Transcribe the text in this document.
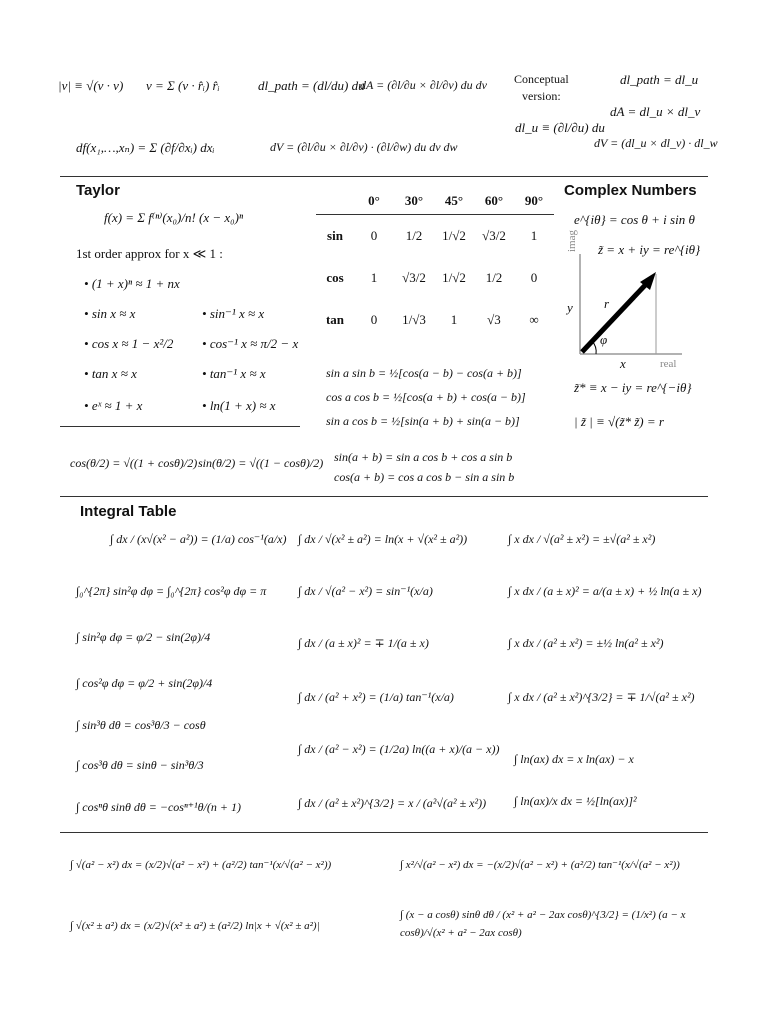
|v| ≡ √(v · v) v = Σ (v · r̂ᵢ) r̂ᵢ	dl_path = (dl/du) du
dA = (∂l/∂u × ∂l/∂v) du dv Conceptual
version:
dl_u ≡ (∂l/∂u) du
dl_path = dl_u
dA = dl_u × dl_v
df(x₁,…,xₙ) = Σ (∂f/∂xᵢ) dxᵢ	dV = (∂l/∂u × ∂l/∂v) · (∂l/∂w) du dv dw	dV = (dl_u × dl_v) · dl_w
Taylor
f(x) = Σ f⁽ⁿ⁾(x₀)/n! (x − x₀)ⁿ
1st order approx for x ≪ 1 :
• (1 + x)ⁿ ≈ 1 + nx
• sin x ≈ x	• sin⁻¹ x ≈ x
• cos x ≈ 1 − x²/2 • cos⁻¹ x ≈ π/2 − x
• tan x ≈ x	• tan⁻¹ x ≈ x
• eˣ ≈ 1 + x	• ln(1 + x) ≈ x
cos(θ/2) = √((1 + cosθ)/2) sin(θ/2) = √((1 − cosθ)/2)
	0°	30°	45°	60°	90°
sin	0	1/2	1/√2	√3/2	1
cos	1	√3/2	1/√2	1/2	0
tan	0	1/√3	1	√3	∞
sin a sin b = ½[cos(a − b) − cos(a + b)]
cos a cos b = ½[cos(a + b) + cos(a − b)]
sin a cos b = ½[sin(a + b) + sin(a − b)]
sin(a + b) = sin a cos b + cos a sin b
cos(a + b) = cos a cos b − sin a sin b
Complex Numbers
e^{iθ} = cos θ + i sin θ
z̃ = x + iy = re^{iθ}
imag
real
y r
x
φ
z̃* ≡ x − iy = re^{−iθ}
| z̃ | ≡ √(z̃* z̃) = r
Integral Table
∫ dx / (x√(x² − a²)) = (1/a) cos⁻¹(a/x)
∫₀^{2π} sin²φ dφ = ∫₀^{2π} cos²φ dφ = π
∫ sin²φ dφ = φ/2 − sin(2φ)/4
∫ cos²φ dφ = φ/2 + sin(2φ)/4
∫ sin³θ dθ = cos³θ/3 − cosθ
∫ cos³θ dθ = sinθ − sin³θ/3
∫ cosⁿθ sinθ dθ = −cosⁿ⁺¹θ/(n + 1)
∫ dx / √(x² ± a²) = ln(x + √(x² ± a²))
∫ dx / √(a² − x²) = sin⁻¹(x/a)
∫ dx / (a ± x)² = ∓ 1/(a ± x)
∫ dx / (a² + x²) = (1/a) tan⁻¹(x/a)
∫ dx / (a² − x²) = (1/2a) ln((a + x)/(a − x))
∫ dx / (a² ± x²)^{3/2} = x / (a²√(a² ± x²))
∫ x dx / √(a² ± x²) = ±√(a² ± x²)
∫ x dx / (a ± x)² = a/(a ± x) + ½ ln(a ± x)
∫ x dx / (a² ± x²) = ±½ ln(a² ± x²)
∫ x dx / (a² ± x²)^{3/2} = ∓ 1/√(a² ± x²)
∫ ln(ax) dx = x ln(ax) − x
∫ ln(ax)/x dx = ½[ln(ax)]²
∫ √(a² − x²) dx = (x/2)√(a² − x²) + (a²/2) tan⁻¹(x/√(a² − x²))	∫ x²/√(a² − x²) dx = −(x/2)√(a² − x²) + (a²/2) tan⁻¹(x/√(a² − x²))
∫ √(x² ± a²) dx = (x/2)√(x² ± a²) ± (a²/2) ln|x + √(x² ± a²)|
∫ (x − a cosθ) sinθ dθ / (x² + a² − 2ax cosθ)^{3/2} = (1/x²) (a − x cosθ)/√(x² + a² − 2ax cosθ)
